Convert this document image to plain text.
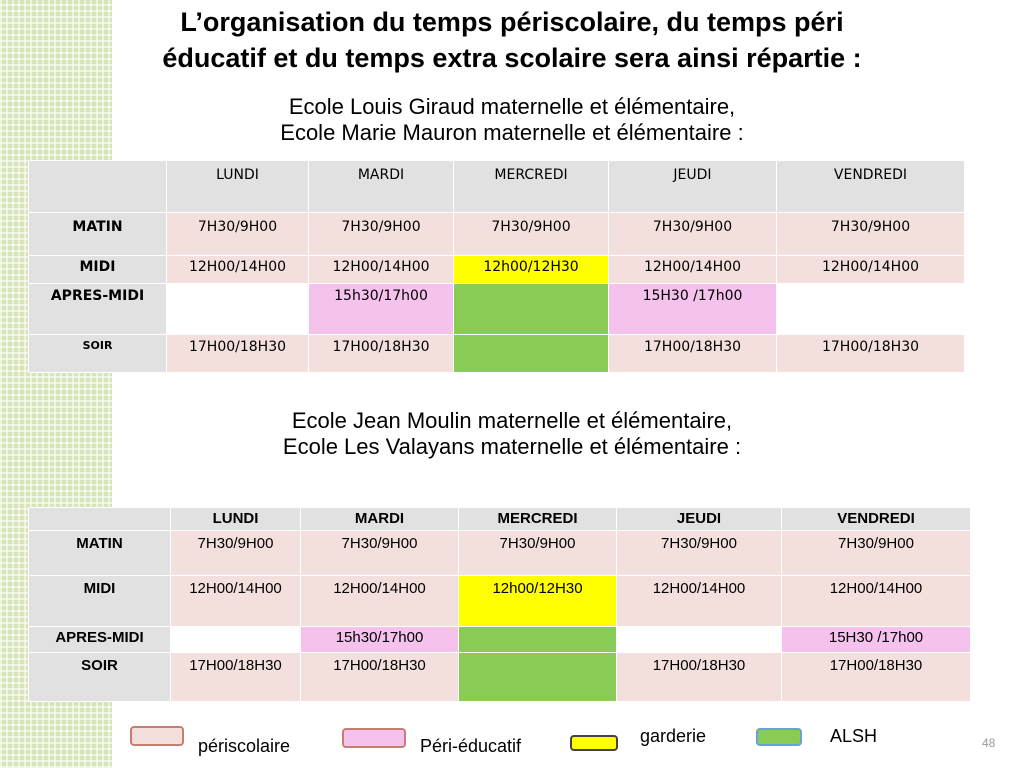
L’organisation du temps périscolaire, du temps péri
éducatif et du temps extra scolaire sera ainsi répartie :
Ecole Louis Giraud maternelle et élémentaire,
Ecole Marie Mauron maternelle et élémentaire :
	LUNDI	MARDI	MERCREDI	JEUDI	VENDREDI
MATIN	7H30/9H00	7H30/9H00	7H30/9H00	7H30/9H00	7H30/9H00
MIDI	12H00/14H00	12H00/14H00	12h00/12H30	12H00/14H00	12H00/14H00
APRES-MIDI		15h30/17h00		15H30 /17h00	
SOIR	17H00/18H30	17H00/18H30		17H00/18H30	17H00/18H30
Ecole Jean Moulin maternelle et élémentaire,
Ecole Les Valayans maternelle et élémentaire :
	LUNDI	MARDI	MERCREDI	JEUDI	VENDREDI
MATIN	7H30/9H00	7H30/9H00	7H30/9H00	7H30/9H00	7H30/9H00
MIDI	12H00/14H00	12H00/14H00	12h00/12H30	12H00/14H00	12H00/14H00
APRES-MIDI		15h30/17h00			15H30 /17h00
SOIR	17H00/18H30	17H00/18H30		17H00/18H30	17H00/18H30
périscolaire	Péri-éducatif	garderie	ALSH	48
